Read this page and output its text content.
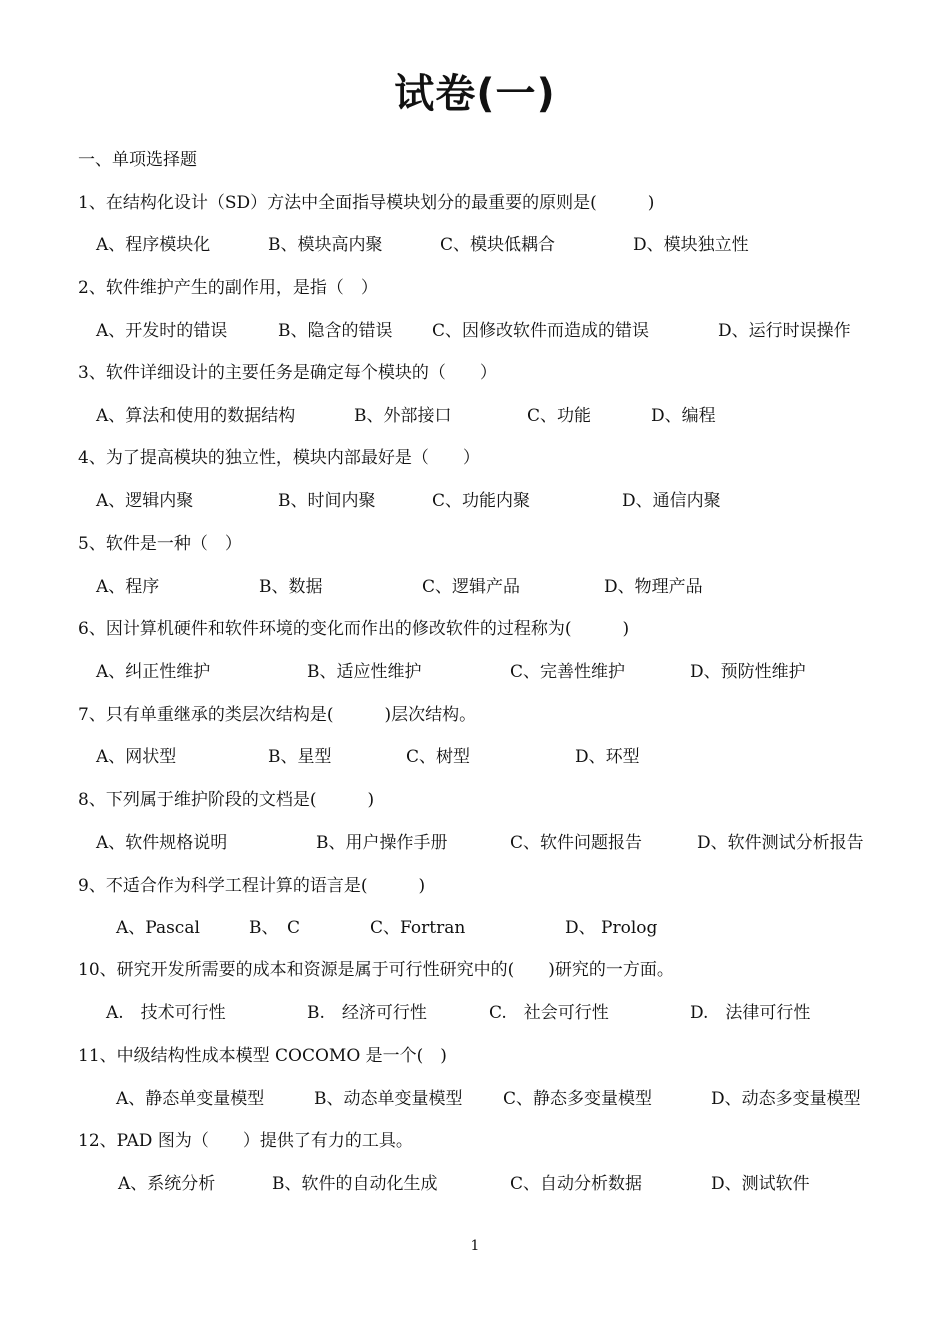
试卷(一)
一、单项选择题
1、在结构化设计（SD）方法中全面指导模块划分的最重要的原则是(　　　)
A、程序模块化	B、模块高内聚	C、模块低耦合	D、模块独立性
2、软件维护产生的副作用，是指（　）
A、开发时的错误	B、隐含的错误 C、因修改软件而造成的错误	D、运行时误操作
3、软件详细设计的主要任务是确定每个模块的（　　）
A、算法和使用的数据结构	B、外部接口	C、功能	D、编程
4、为了提高模块的独立性，模块内部最好是（　　）
A、逻辑内聚	B、时间内聚	C、功能内聚	D、通信内聚
5、软件是一种（　）
A、程序	B、数据	C、逻辑产品	D、物理产品
6、因计算机硬件和软件环境的变化而作出的修改软件的过程称为(　　　)
A、纠正性维护	B、适应性维护	C、完善性维护	D、预防性维护
7、只有单重继承的类层次结构是(　　　)层次结构。
A、网状型	B、星型	C、树型	D、环型
8、下列属于维护阶段的文档是(　　　)
A、软件规格说明	B、用户操作手册	C、软件问题报告	D、软件测试分析报告
9、不适合作为科学工程计算的语言是(　　　)
A、Pascal	B、　C	C、Fortran	D、 Prolog
10、研究开发所需要的成本和资源是属于可行性研究中的(　　)研究的一方面。
A.　技术可行性	B.　经济可行性	C.　社会可行性	D.　法律可行性
11、中级结构性成本模型 COCOMO 是一个(　)
A、静态单变量模型	B、动态单变量模型 C、静态多变量模型	D、动态多变量模型
12、PAD 图为（　　）提供了有力的工具。
A、系统分析	B、软件的自动化生成	C、自动分析数据	D、测试软件
1
